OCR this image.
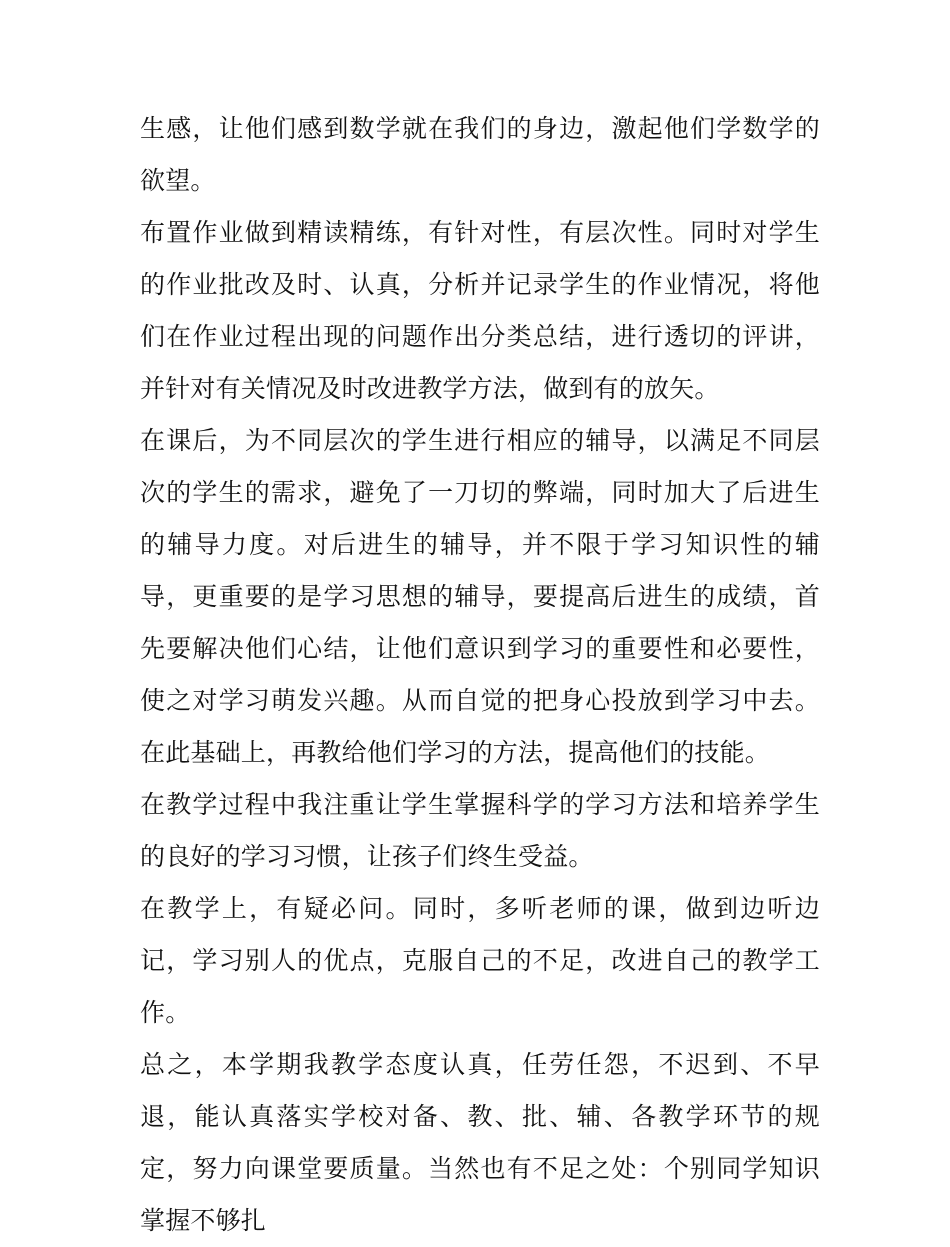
生感，让他们感到数学就在我们的身边，激起他们学数学的欲望。

布置作业做到精读精练，有针对性，有层次性。同时对学生的作业批改及时、认真，分析并记录学生的作业情况，将他们在作业过程出现的问题作出分类总结，进行透切的评讲，并针对有关情况及时改进教学方法，做到有的放矢。

在课后，为不同层次的学生进行相应的辅导，以满足不同层次的学生的需求，避免了一刀切的弊端，同时加大了后进生的辅导力度。对后进生的辅导，并不限于学习知识性的辅导，更重要的是学习思想的辅导，要提高后进生的成绩，首先要解决他们心结，让他们意识到学习的重要性和必要性，使之对学习萌发兴趣。从而自觉的把身心投放到学习中去。在此基础上，再教给他们学习的方法，提高他们的技能。

在教学过程中我注重让学生掌握科学的学习方法和培养学生的良好的学习习惯，让孩子们终生受益。

在教学上，有疑必问。同时，多听老师的课，做到边听边记，学习别人的优点，克服自己的不足，改进自己的教学工作。

总之，本学期我教学态度认真，任劳任怨，不迟到、不早退，能认真落实学校对备、教、批、辅、各教学环节的规定，努力向课堂要质量。当然也有不足之处：个别同学知识掌握不够扎
